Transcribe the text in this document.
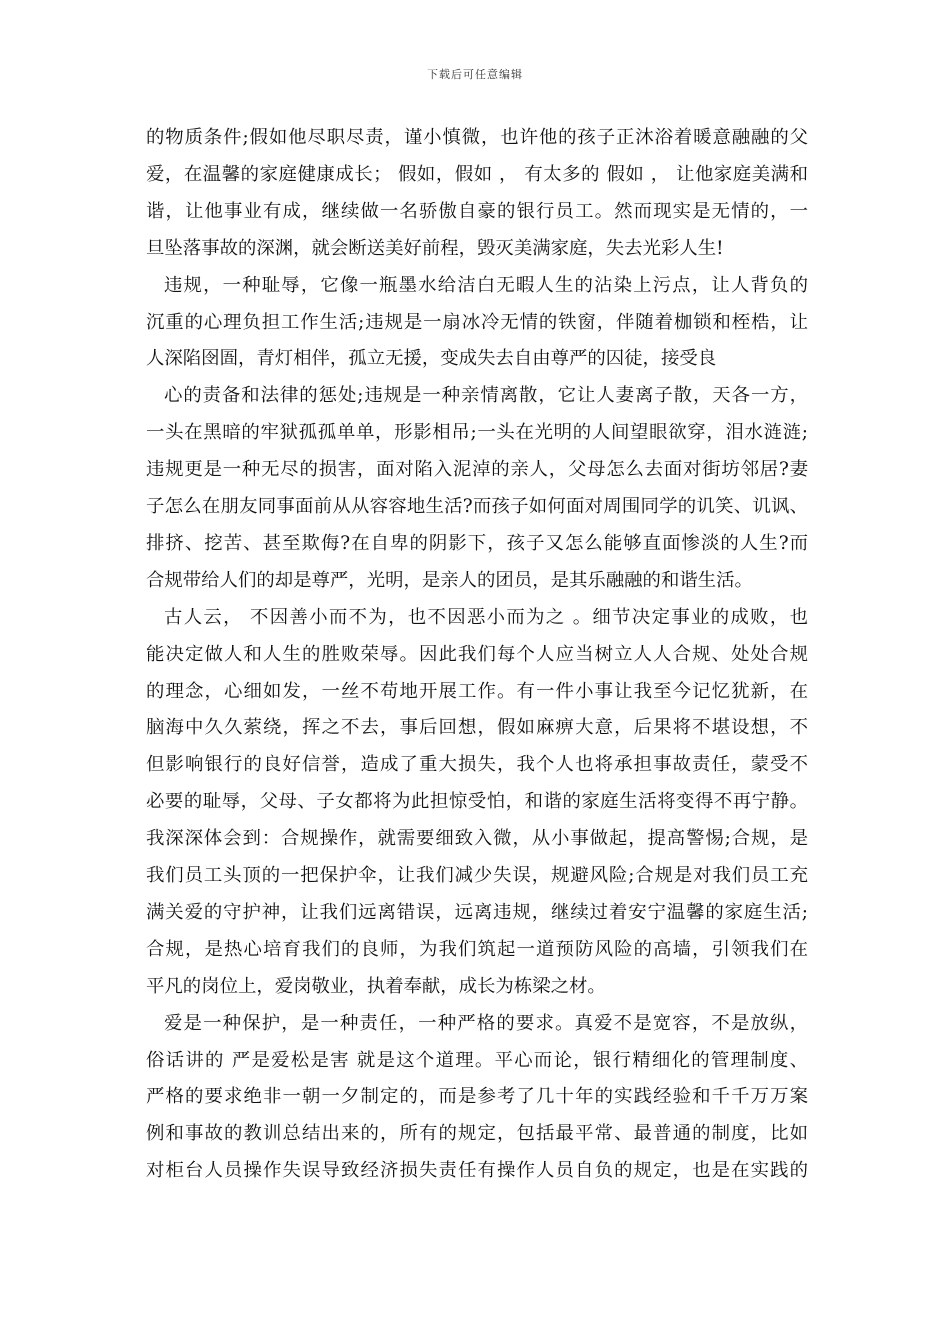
下载后可任意编辑
的物质条件;假如他尽职尽责，谨小慎微，也许他的孩子正沐浴着暖意融融的父
爱，在温馨的家庭健康成长； 假如，假如 ， 有太多的 假如 ， 让他家庭美满和
谐，让他事业有成，继续做一名骄傲自豪的银行员工。然而现实是无情的，一
旦坠落事故的深渊，就会断送美好前程，毁灭美满家庭，失去光彩人生!
违规，一种耻辱，它像一瓶墨水给洁白无暇人生的沾染上污点，让人背负的
沉重的心理负担工作生活;违规是一扇冰冷无情的铁窗，伴随着枷锁和桎梏，让
人深陷囹圄，青灯相伴，孤立无援，变成失去自由尊严的囚徒，接受良
心的责备和法律的惩处;违规是一种亲情离散，它让人妻离子散，天各一方，
一头在黑暗的牢狱孤孤单单，形影相吊;一头在光明的人间望眼欲穿，泪水涟涟;
违规更是一种无尽的损害，面对陷入泥淖的亲人，父母怎么去面对街坊邻居?妻
子怎么在朋友同事面前从从容容地生活?而孩子如何面对周围同学的讥笑、讥讽、
排挤、挖苦、甚至欺侮?在自卑的阴影下，孩子又怎么能够直面惨淡的人生?而
合规带给人们的却是尊严，光明，是亲人的团员，是其乐融融的和谐生活。
古人云， 不因善小而不为，也不因恶小而为之 。细节决定事业的成败，也
能决定做人和人生的胜败荣辱。因此我们每个人应当树立人人合规、处处合规
的理念，心细如发，一丝不苟地开展工作。有一件小事让我至今记忆犹新，在
脑海中久久萦绕，挥之不去，事后回想，假如麻痹大意，后果将不堪设想，不
但影响银行的良好信誉，造成了重大损失，我个人也将承担事故责任，蒙受不
必要的耻辱，父母、子女都将为此担惊受怕，和谐的家庭生活将变得不再宁静。
我深深体会到：合规操作，就需要细致入微，从小事做起，提高警惕;合规，是
我们员工头顶的一把保护伞，让我们减少失误，规避风险;合规是对我们员工充
满关爱的守护神，让我们远离错误，远离违规，继续过着安宁温馨的家庭生活;
合规，是热心培育我们的良师，为我们筑起一道预防风险的高墙，引领我们在
平凡的岗位上，爱岗敬业，执着奉献，成长为栋梁之材。
爱是一种保护，是一种责任，一种严格的要求。真爱不是宽容，不是放纵，
俗话讲的 严是爱松是害 就是这个道理。平心而论，银行精细化的管理制度、
严格的要求绝非一朝一夕制定的，而是参考了几十年的实践经验和千千万万案
例和事故的教训总结出来的，所有的规定，包括最平常、最普通的制度，比如
对柜台人员操作失误导致经济损失责任有操作人员自负的规定，也是在实践的
